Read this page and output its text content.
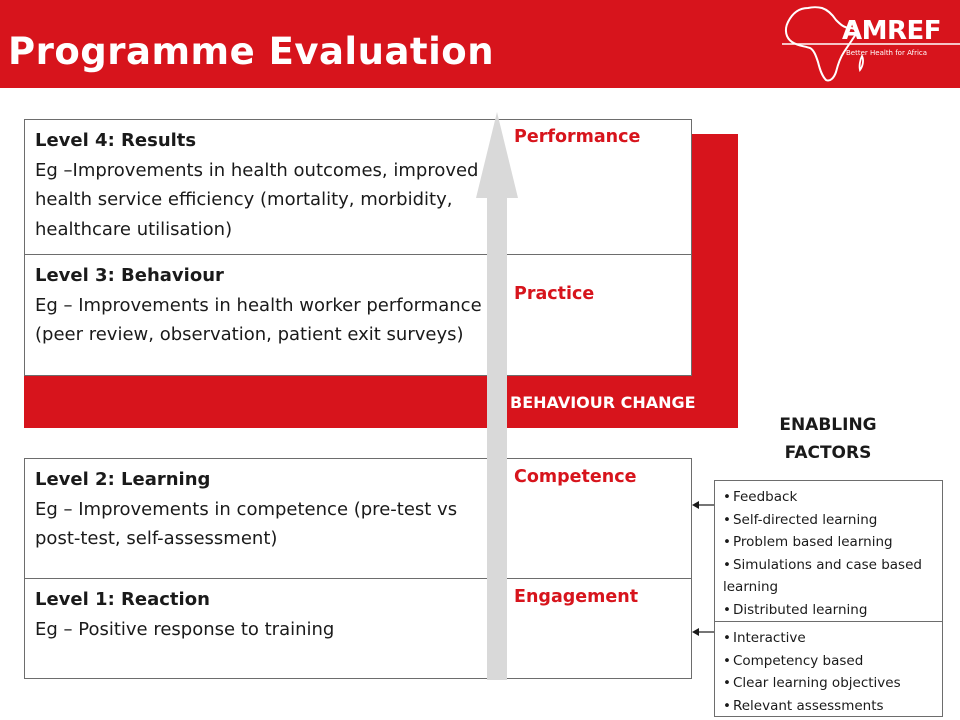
Programme Evaluation	AMREF
Better Health for Africa
BEHAVIOUR CHANGE
Level 4: Results
Eg –Improvements in health outcomes, improved health service efficiency (mortality, morbidity, healthcare utilisation)
Performance
Level 3: Behaviour
Eg – Improvements in health worker performance (peer review, observation, patient exit surveys)
Practice
Level 2: Learning
Eg – Improvements in competence (pre-test vs post-test, self-assessment)
Competence
Level 1: Reaction
Eg – Positive response to training
Engagement
ENABLING FACTORS
• Feedback
• Self-directed learning
• Problem based learning
• Simulations and case based learning
• Distributed learning
• Interactive
• Competency based
• Clear learning objectives
• Relevant assessments
